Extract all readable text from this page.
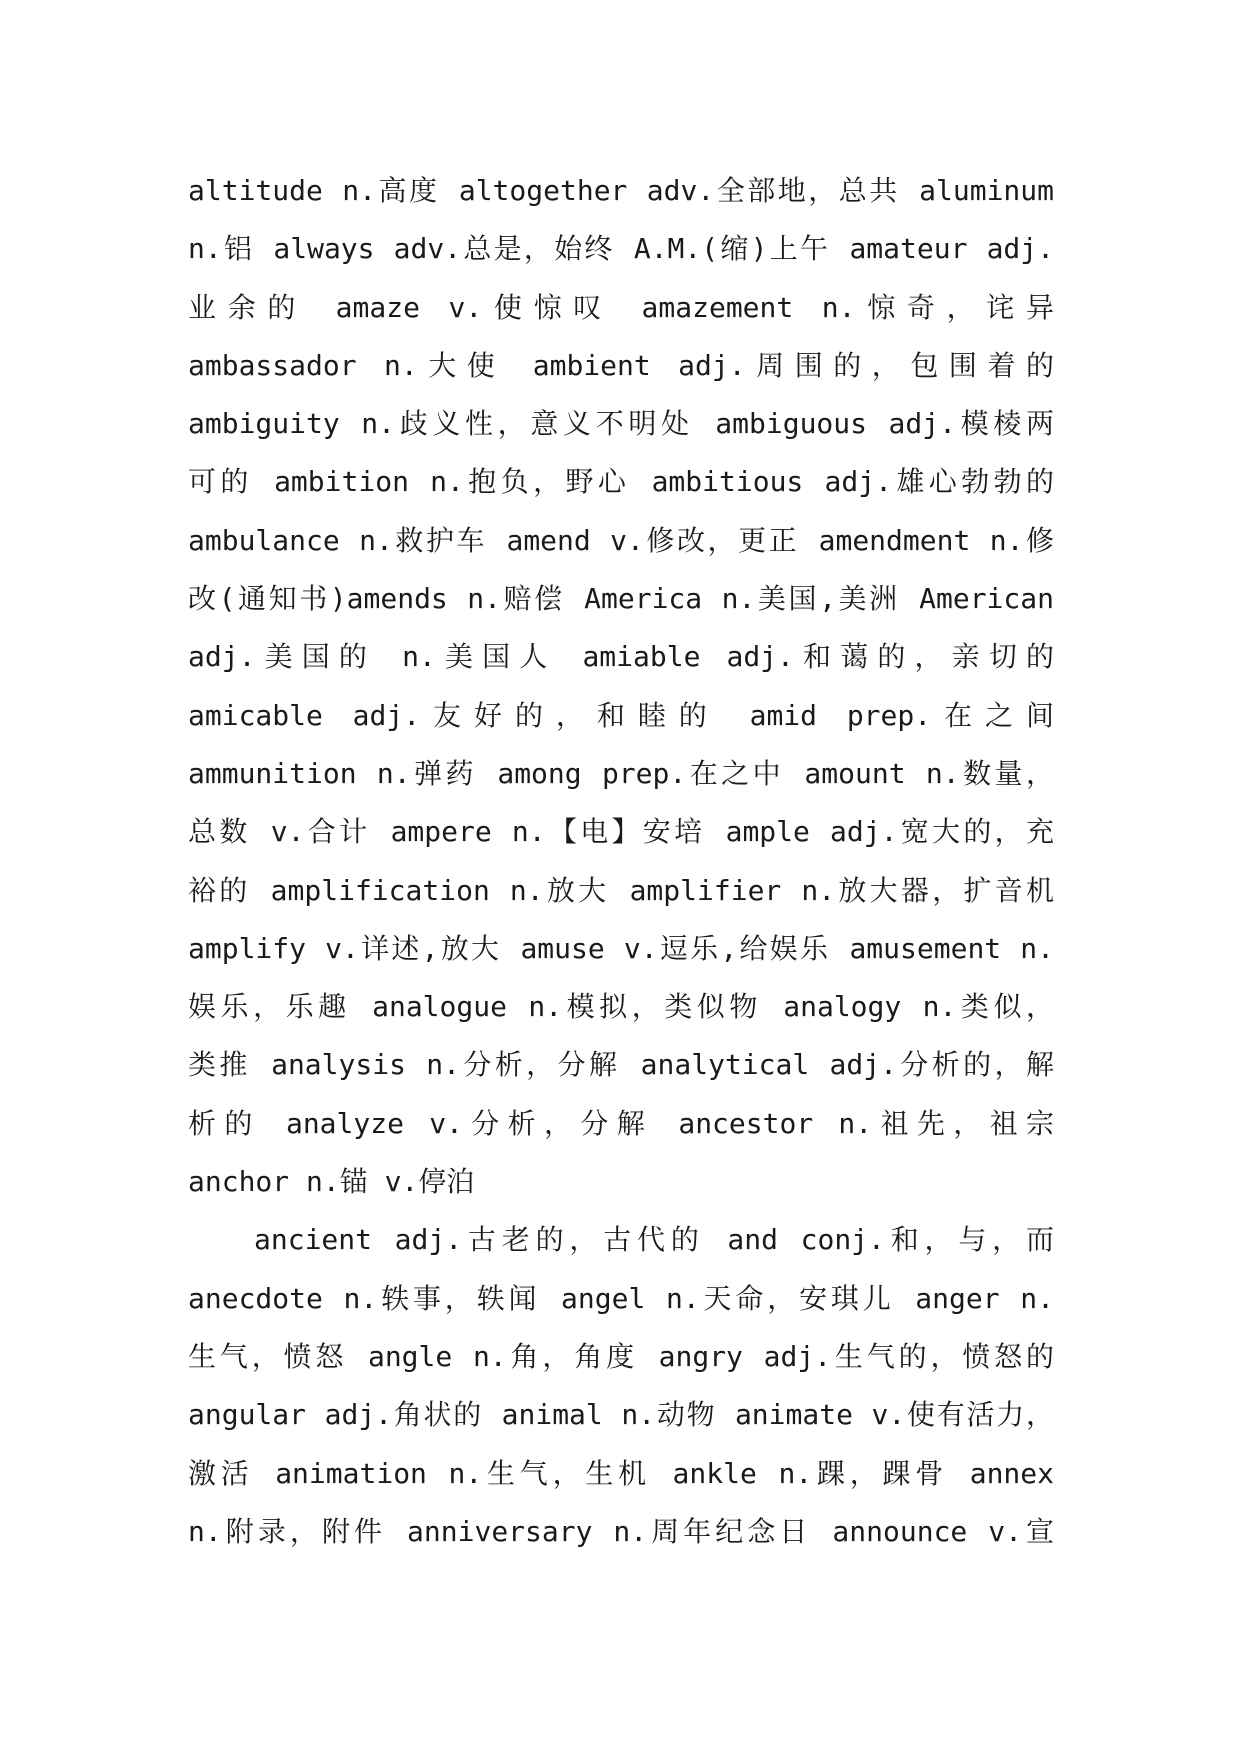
altitude n.高度 altogether adv.全部地，总共 aluminum
n.铝 always adv.总是，始终 A.M.(缩)上午 amateur adj.
业余的 amaze v.使惊叹 amazement n.惊奇，诧异
ambassador n.大使 ambient adj.周围的，包围着的
ambiguity n.歧义性，意义不明处 ambiguous adj.模棱两
可的 ambition n.抱负，野心 ambitious adj.雄心勃勃的
ambulance n.救护车 amend v.修改，更正 amendment n.修
改(通知书)amends n.赔偿 America n.美国,美洲 American
adj.美国的 n.美国人 amiable adj.和蔼的，亲切的
amicable adj.友好的，和睦的 amid prep.在之间
ammunition n.弹药 among prep.在之中 amount n.数量，
总数 v.合计 ampere n.【电】安培 ample adj.宽大的，充
裕的 amplification n.放大 amplifier n.放大器，扩音机
amplify v.详述,放大 amuse v.逗乐,给娱乐 amusement n.
娱乐，乐趣 analogue n.模拟，类似物 analogy n.类似，
类推 analysis n.分析，分解 analytical adj.分析的，解
析的 analyze v.分析，分解 ancestor n.祖先，祖宗
anchor n.锚 v.停泊
ancient adj.古老的，古代的 and conj.和，与，而
anecdote n.轶事，轶闻 angel n.天命，安琪儿 anger n.
生气，愤怒 angle n.角，角度 angry adj.生气的，愤怒的
angular adj.角状的 animal n.动物 animate v.使有活力，
激活 animation n.生气，生机 ankle n.踝，踝骨 annex
n.附录，附件 anniversary n.周年纪念日 announce v.宣
